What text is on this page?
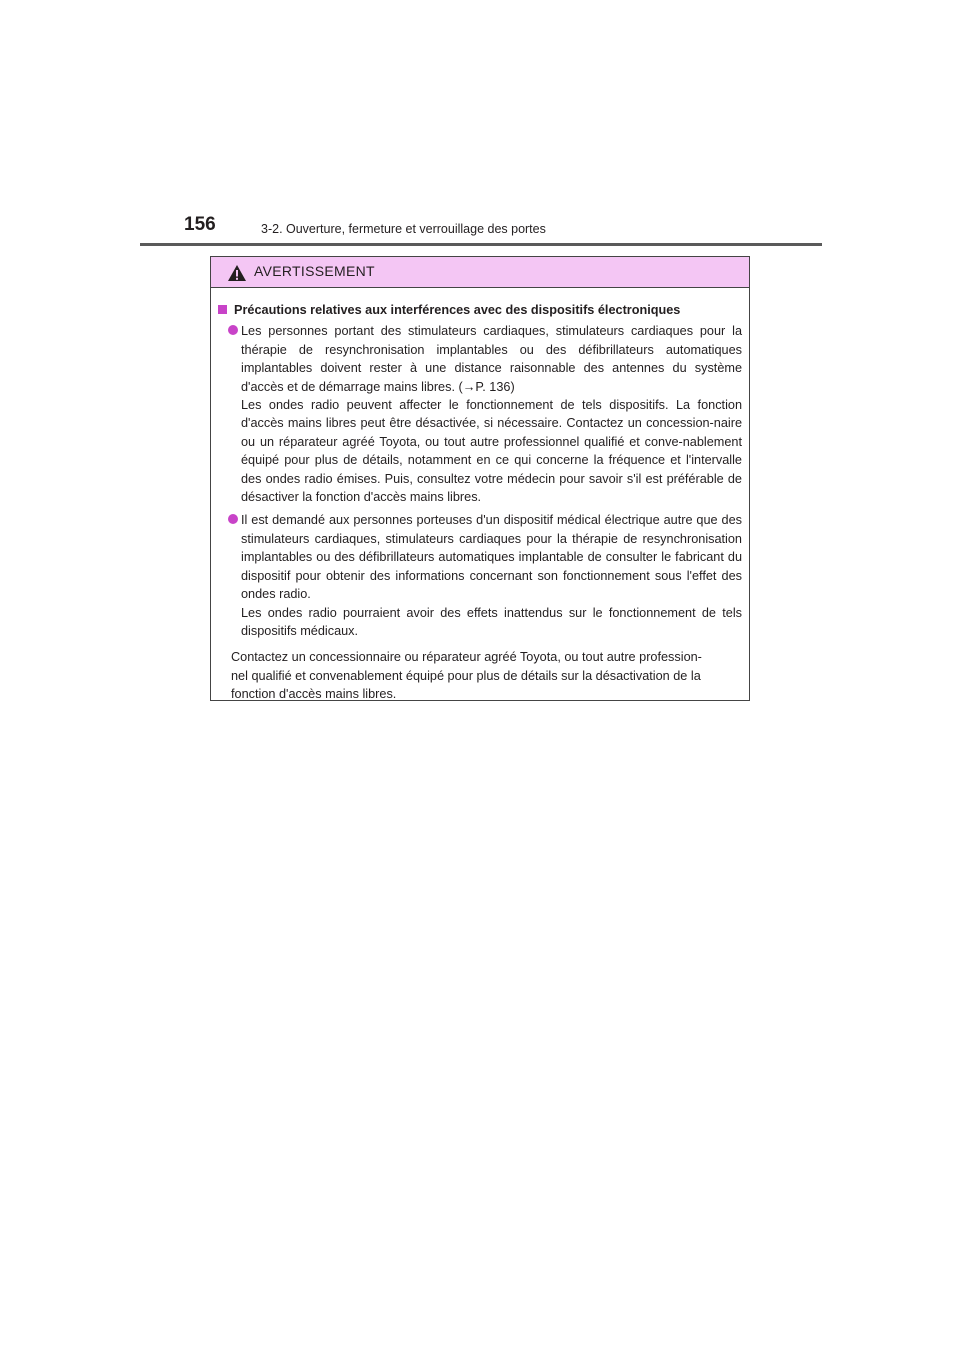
156	3-2. Ouverture, fermeture et verrouillage des portes
AVERTISSEMENT
Précautions relatives aux interférences avec des dispositifs électroniques
Les personnes portant des stimulateurs cardiaques, stimulateurs cardiaques pour la thérapie de resynchronisation implantables ou des défibrillateurs automatiques implantables doivent rester à une distance raisonnable des antennes du système d'accès et de démarrage mains libres. (→P. 136)
Les ondes radio peuvent affecter le fonctionnement de tels dispositifs. La fonction d'accès mains libres peut être désactivée, si nécessaire. Contactez un concession-naire ou un réparateur agréé Toyota, ou tout autre professionnel qualifié et conve-nablement équipé pour plus de détails, notamment en ce qui concerne la fréquence et l'intervalle des ondes radio émises. Puis, consultez votre médecin pour savoir s'il est préférable de désactiver la fonction d'accès mains libres.
Il est demandé aux personnes porteuses d'un dispositif médical électrique autre que des stimulateurs cardiaques, stimulateurs cardiaques pour la thérapie de resynchronisation implantables ou des défibrillateurs automatiques implantable de consulter le fabricant du dispositif pour obtenir des informations concernant son fonctionnement sous l'effet des ondes radio.
Les ondes radio pourraient avoir des effets inattendus sur le fonctionnement de tels dispositifs médicaux.
Contactez un concessionnaire ou réparateur agréé Toyota, ou tout autre profession-
nel qualifié et convenablement équipé pour plus de détails sur la désactivation de la
fonction d'accès mains libres.
